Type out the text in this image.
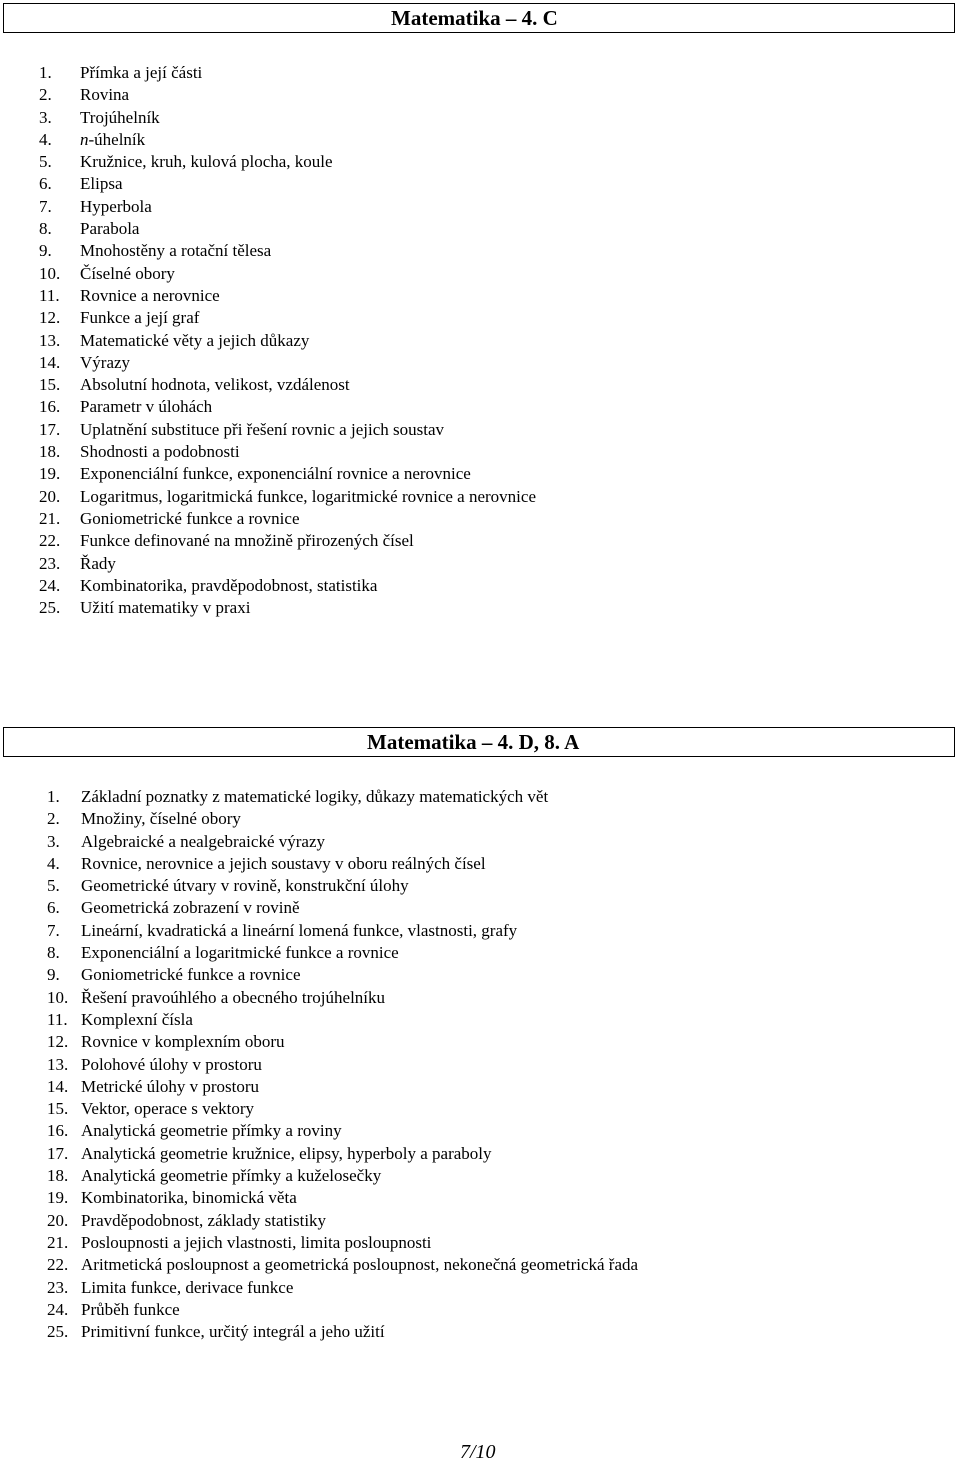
Matematika – 4. C
1.	Přímka a její části
2.	Rovina
3.	Trojúhelník
4.	n-úhelník
5.	Kružnice, kruh, kulová plocha, koule
6.	Elipsa
7.	Hyperbola
8.	Parabola
9.	Mnohostěny a rotační tělesa
10.	Číselné obory
11.	Rovnice a nerovnice
12.	Funkce a její graf
13.	Matematické věty a jejich důkazy
14.	Výrazy
15.	Absolutní hodnota, velikost, vzdálenost
16.	Parametr v úlohách
17.	Uplatnění substituce při řešení rovnic a jejich soustav
18.	Shodnosti a podobnosti
19.	Exponenciální funkce, exponenciální rovnice a nerovnice
20.	Logaritmus, logaritmická funkce, logaritmické rovnice a nerovnice
21.	Goniometrické funkce a rovnice
22.	Funkce definované na množině přirozených čísel
23.	Řady
24.	Kombinatorika, pravděpodobnost, statistika
25.	Užití matematiky v praxi
Matematika – 4. D, 8. A
1.	Základní poznatky z matematické logiky, důkazy matematických vět
2.	Množiny, číselné obory
3.	Algebraické a nealgebraické výrazy
4.	Rovnice, nerovnice a jejich soustavy v oboru reálných čísel
5.	Geometrické útvary v rovině, konstrukční úlohy
6.	Geometrická zobrazení v rovině
7.	Lineární, kvadratická a lineární lomená funkce, vlastnosti, grafy
8.	Exponenciální a logaritmické funkce a rovnice
9.	Goniometrické funkce a rovnice
10. Řešení pravoúhlého a obecného trojúhelníku
11. Komplexní čísla
12. Rovnice v komplexním oboru
13. Polohové úlohy v prostoru
14. Metrické úlohy v prostoru
15. Vektor, operace s vektory
16. Analytická geometrie přímky a roviny
17. Analytická geometrie kružnice, elipsy, hyperboly a paraboly
18. Analytická geometrie přímky a kuželosečky
19. Kombinatorika, binomická věta
20. Pravděpodobnost, základy statistiky
21. Posloupnosti a jejich vlastnosti, limita posloupnosti
22. Aritmetická posloupnost a geometrická posloupnost, nekonečná geometrická řada
23. Limita funkce, derivace funkce
24. Průběh funkce
25. Primitivní funkce, určitý integrál a jeho užití
7/10
